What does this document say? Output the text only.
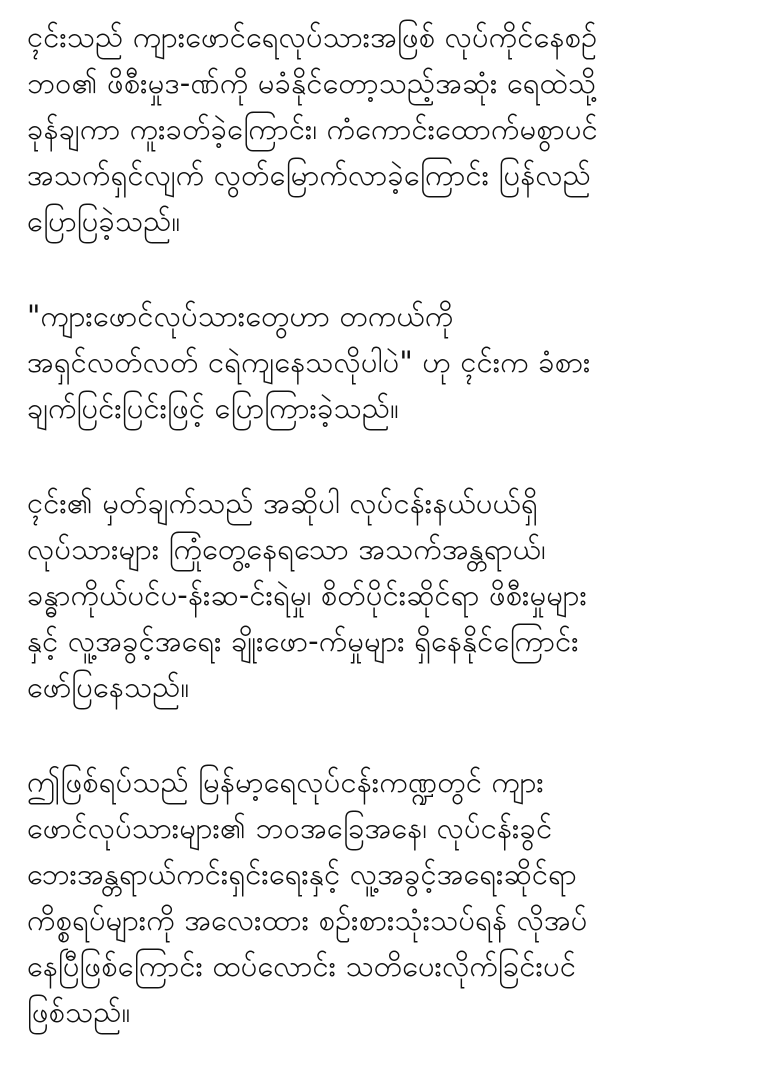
ၚင်းသည် ကျားဖောင်ရေလုပ်သားအဖြစ် လုပ်ကိုင်နေစဉ်
ဘဝ၏ ဖိစီးမှုဒ-ဏ်ကို မခံနိုင်တော့သည့်အဆုံး ရေထဲသို့
ခုန်ချကာ ကူးခတ်ခဲ့ကြောင်း၊ ကံကောင်းထောက်မစွာပင်
အသက်ရှင်လျက် လွတ်မြောက်လာခဲ့ကြောင်း ပြန်လည်
ပြောပြခဲ့သည်။
"ကျားဖောင်လုပ်သားတွေဟာ တကယ်ကို
အရှင်လတ်လတ် ငရဲကျနေသလိုပါပဲ" ဟု ၚင်းက ခံစား
ချက်ပြင်းပြင်းဖြင့် ပြောကြားခဲ့သည်။
ၚင်း၏ မှတ်ချက်သည် အဆိုပါ လုပ်ငန်းနယ်ပယ်ရှိ
လုပ်သားများ ကြုံတွေ့နေရသော အသက်အန္တရာယ်၊
ခန္ဓာကိုယ်ပင်ပ-န်းဆ-င်းရဲမှု၊ စိတ်ပိုင်းဆိုင်ရာ ဖိစီးမှုများ
နှင့် လူ့အခွင့်အရေး ချိုးဖော-က်မှုများ ရှိနေနိုင်ကြောင်း
ဖော်ပြနေသည်။
ဤဖြစ်ရပ်သည် မြန်မာ့ရေလုပ်ငန်းကဏ္ဍတွင် ကျား
ဖောင်လုပ်သားများ၏ ဘဝအခြေအနေ၊ လုပ်ငန်းခွင်
ဘေးအန္တရာယ်ကင်းရှင်းရေးနှင့် လူ့အခွင့်အရေးဆိုင်ရာ
ကိစ္စရပ်များကို အလေးထား စဉ်းစားသုံးသပ်ရန် လိုအပ်
နေပြီဖြစ်ကြောင်း ထပ်လောင်း သတိပေးလိုက်ခြင်းပင်
ဖြစ်သည်။
